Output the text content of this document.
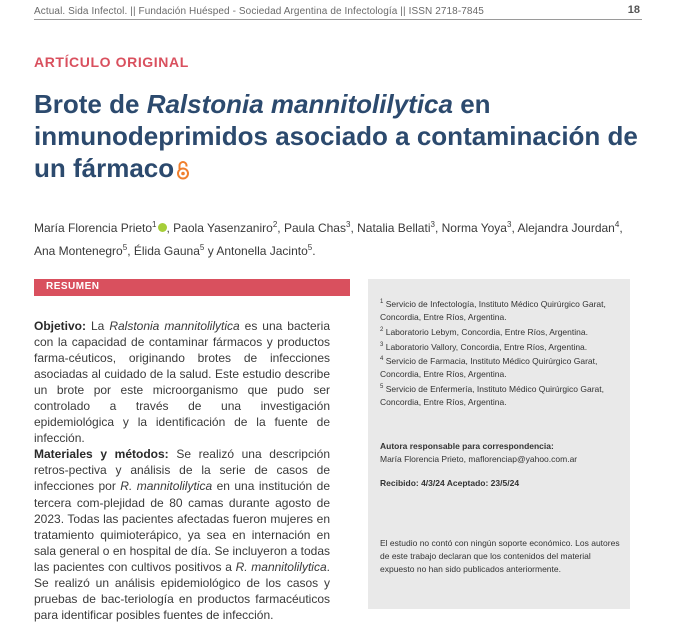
Actual. Sida Infectol. || Fundación Huésped - Sociedad Argentina de Infectología || ISSN 2718-7845	18
ARTÍCULO ORIGINAL
Brote de Ralstonia mannitolilytica en inmunodeprimidos asociado a contaminación de un fármaco
María Florencia Prieto$^1$ , Paola Yasenzaniro$^2$, Paula Chas$^3$, Natalia Bellati$^3$, Norma Yoya$^3$, Alejandra Jourdan$^4$, Ana Montenegro$^5$, Élida Gauna$^5$ y Antonella Jacinto$^5$.
RESUMEN

Objetivo: La Ralstonia mannitolilytica es una bacteria con la capacidad de contaminar fármacos y productos farma-céuticos, originando brotes de infecciones asociadas al cuidado de la salud. Este estudio describe un brote por este microorganismo que pudo ser controlado a través de una investigación epidemiológica y la identificación de la fuente de infección.

Materiales y métodos: Se realizó una descripción retros-pectiva y análisis de la serie de casos de infecciones por R. mannitolilytica en una institución de tercera com-plejidad de 80 camas durante agosto de 2023. Todas las pacientes afectadas fueron mujeres en tratamiento quimioterápico, ya sea en internación en sala general o en hospital de día. Se incluyeron a todas las pacientes con cultivos positivos a R. mannitolilytica. Se realizó un análisis epidemiológico de los casos y pruebas de bac-teriología en productos farmacéuticos para identificar posibles fuentes de infección.

$^1$ Servicio de Infectología, Instituto Médico Quirúrgico Garat, Concordia, Entre Ríos, Argentina.

$^2$ Laboratorio Lebym, Concordia, Entre Ríos, Argentina.

$^3$ Laboratorio Vallory, Concordia, Entre Ríos, Argentina.

$^4$ Servicio de Farmacia, Instituto Médico Quirúrgico Garat, Concordia, Entre Ríos, Argentina.

$^5$ Servicio de Enfermería, Instituto Médico Quirúrgico Garat, Concordia, Entre Ríos, Argentina.

Autora responsable para correspondencia:

María Florencia Prieto, maflorenciap@yahoo.com.ar

Recibido: 4/3/24 Aceptado: 23/5/24
El estudio no contó con ningún soporte económico. Los autores de este trabajo declaran que los contenidos del material expuesto no han sido publicados anteriormente.
